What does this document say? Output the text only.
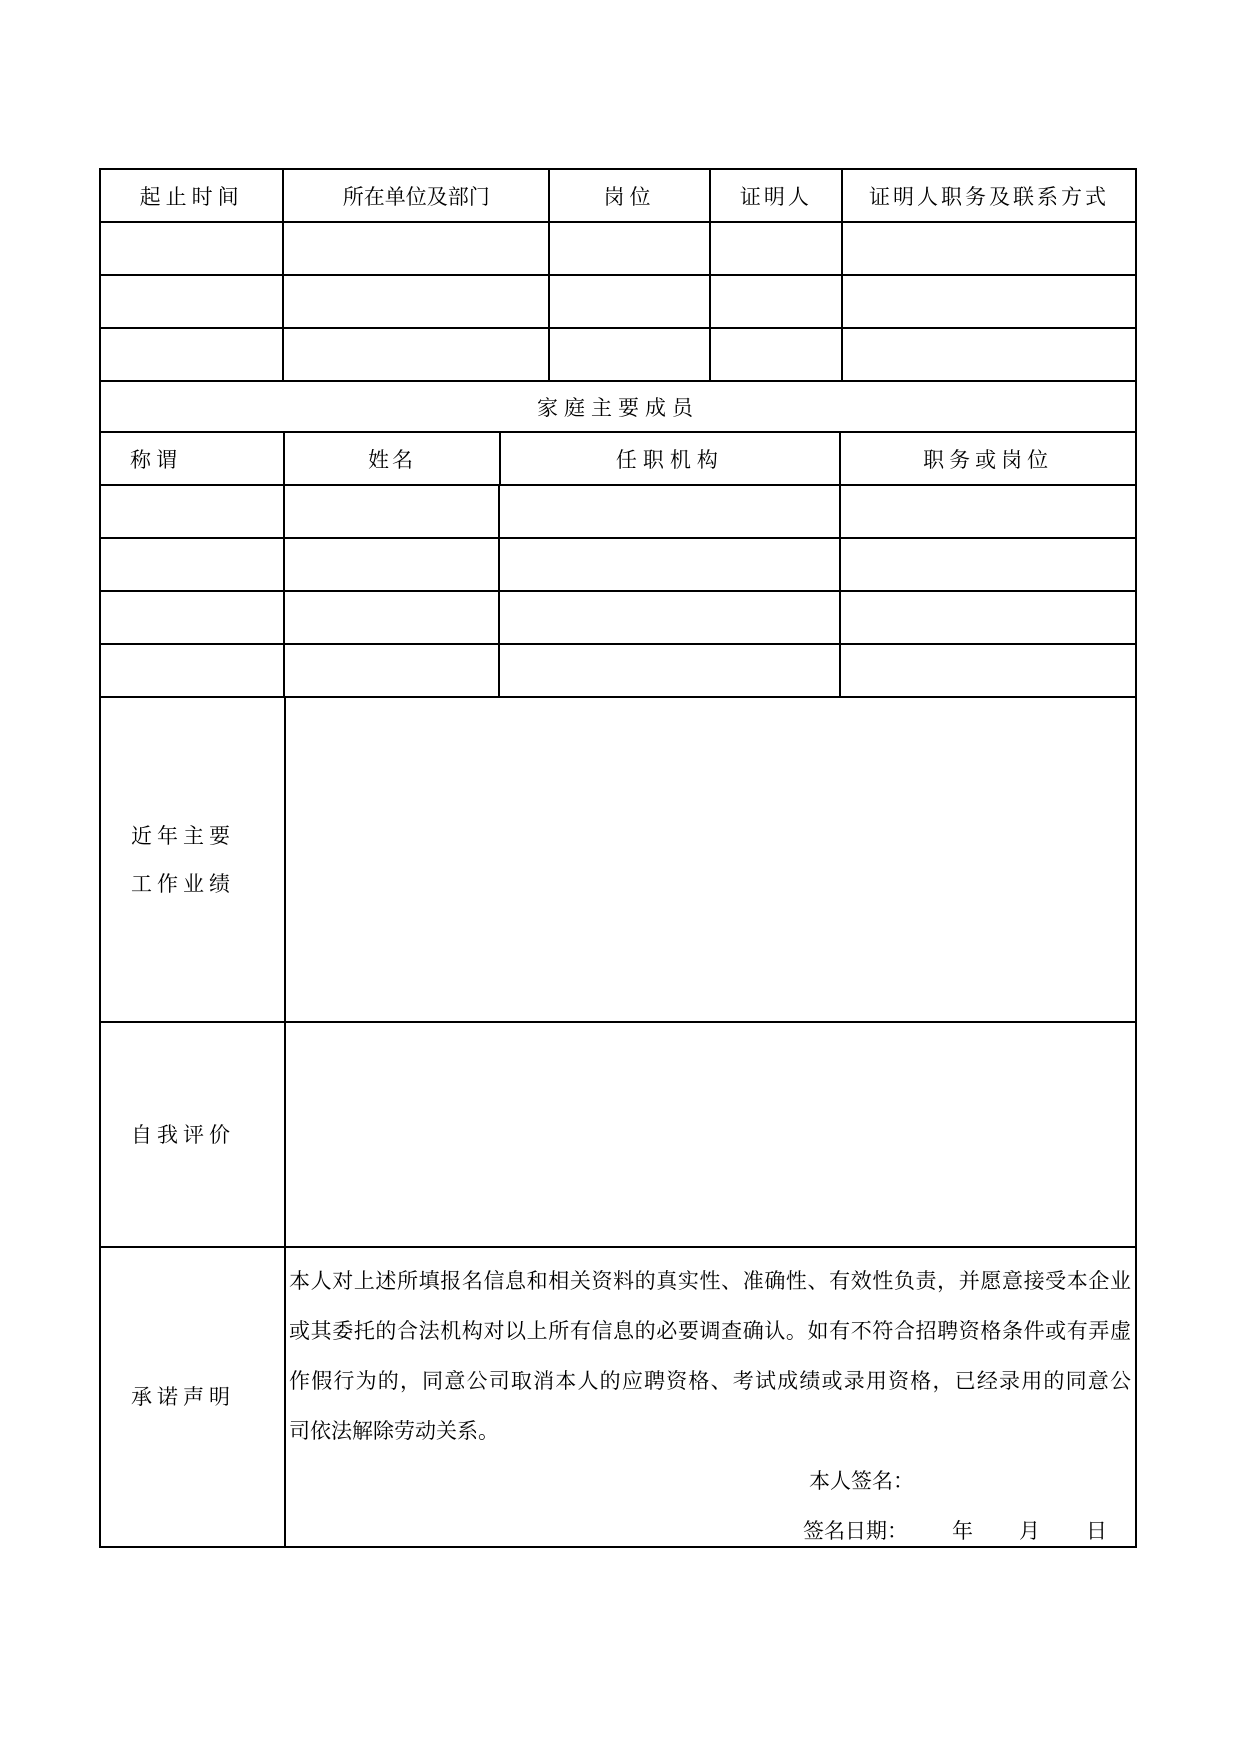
起止时间	所在单位及部门	岗位	证明人	证明人职务及联系方式
家庭主要成员
称谓	姓名	任职机构	职务或岗位
近年主要
工作业绩
自我评价
承诺声明
本人对上述所填报名信息和相关资料的真实性、准确性、有效性负责，并愿意接受本企业
或其委托的合法机构对以上所有信息的必要调查确认。如有不符合招聘资格条件或有弄虚
作假行为的，同意公司取消本人的应聘资格、考试成绩或录用资格，已经录用的同意公
司依法解除劳动关系。
本人签名：
签名日期： 年 月 日
